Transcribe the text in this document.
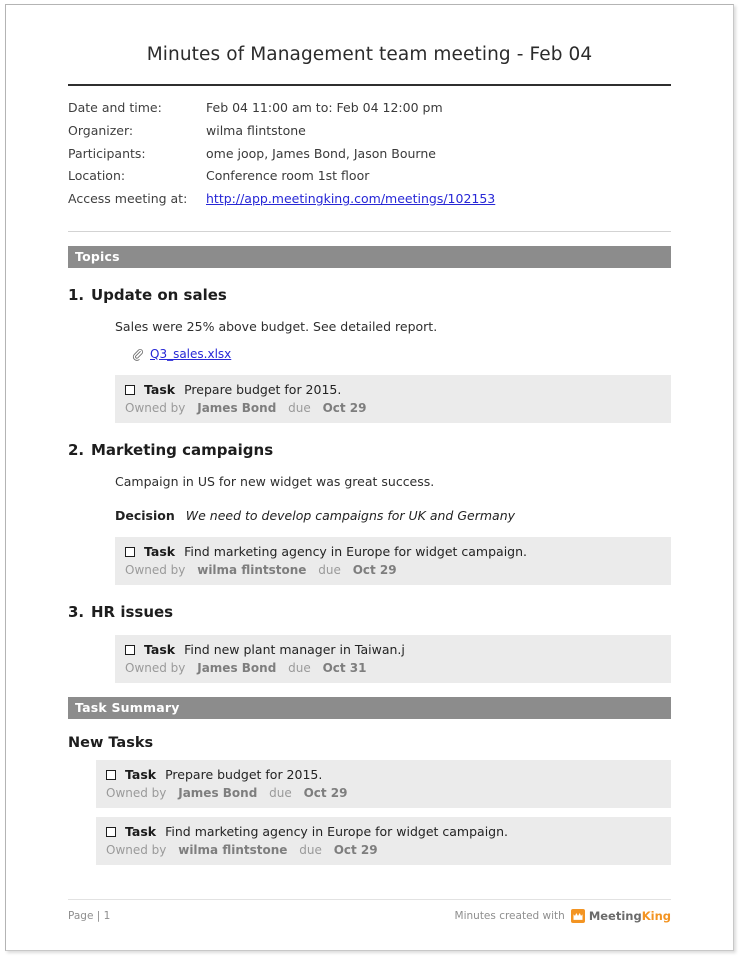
Minutes of Management team meeting - Feb 04
Date and time:	Feb 04 11:00 am to: Feb 04 12:00 pm
Organizer:	wilma flintstone
Participants:	ome joop, James Bond, Jason Bourne
Location:	Conference room 1st floor
Access meeting at:	http://app.meetingking.com/meetings/102153
Topics
1. Update on sales
Sales were 25% above budget. See detailed report.
Q3_sales.xlsx
Task Prepare budget for 2015.
Owned by James Bond due Oct 29
2. Marketing campaigns
Campaign in US for new widget was great success.
Decision We need to develop campaigns for UK and Germany
Task Find marketing agency in Europe for widget campaign.
Owned by wilma flintstone due Oct 29
3. HR issues
Task Find new plant manager in Taiwan.j
Owned by James Bond due Oct 31
Task Summary
New Tasks
Task Prepare budget for 2015.
Owned by James Bond due Oct 29
Task Find marketing agency in Europe for widget campaign.
Owned by wilma flintstone due Oct 29
Page | 1	Minutes created with MeetingKing
